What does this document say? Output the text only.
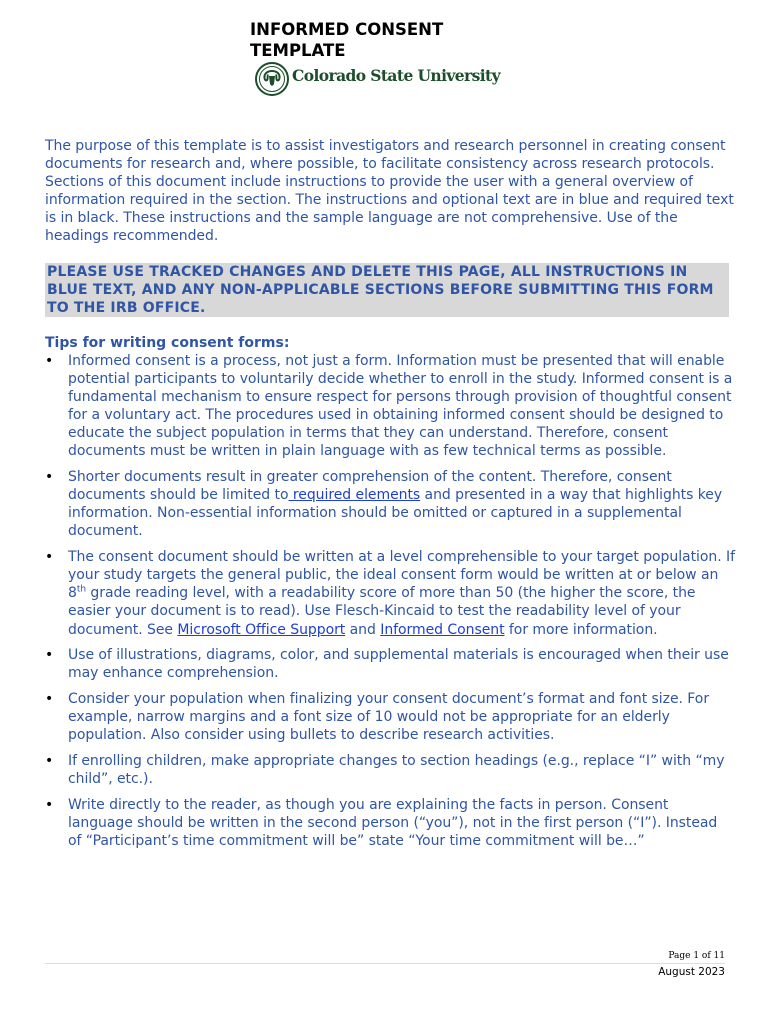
INFORMED CONSENT
TEMPLATE
Colorado State University

The purpose of this template is to assist investigators and research personnel in creating consent documents for research and, where possible, to facilitate consistency across research protocols. Sections of this document include instructions to provide the user with a general overview of information required in the section. The instructions and optional text are in blue and required text is in black. These instructions and the sample language are not comprehensive. Use of the headings recommended.

PLEASE USE TRACKED CHANGES AND DELETE THIS PAGE, ALL INSTRUCTIONS IN BLUE TEXT, AND ANY NON-APPLICABLE SECTIONS BEFORE SUBMITTING THIS FORM TO THE IRB OFFICE.
Tips for writing consent forms:
• Informed consent is a process, not just a form. Information must be presented that will enable potential participants to voluntarily decide whether to enroll in the study. Informed consent is a fundamental mechanism to ensure respect for persons through provision of thoughtful consent for a voluntary act. The procedures used in obtaining informed consent should be designed to educate the subject population in terms that they can understand. Therefore, consent documents must be written in plain language with as few technical terms as possible.
• Shorter documents result in greater comprehension of the content. Therefore, consent documents should be limited to required elements and presented in a way that highlights key information. Non-essential information should be omitted or captured in a supplemental document.
• The consent document should be written at a level comprehensible to your target population. If your study targets the general public, the ideal consent form would be written at or below an 8th grade reading level, with a readability score of more than 50 (the higher the score, the easier your document is to read). Use Flesch-Kincaid to test the readability level of your document. See Microsoft Office Support and Informed Consent for more information.
• Use of illustrations, diagrams, color, and supplemental materials is encouraged when their use may enhance comprehension.
• Consider your population when finalizing your consent document’s format and font size. For example, narrow margins and a font size of 10 would not be appropriate for an elderly population. Also consider using bullets to describe research activities.
• If enrolling children, make appropriate changes to section headings (e.g., replace “I” with “my child”, etc.).
• Write directly to the reader, as though you are explaining the facts in person. Consent language should be written in the second person (“you”), not in the first person (“I”). Instead of “Participant’s time commitment will be” state “Your time commitment will be…”
Page 1 of 11
August 2023
